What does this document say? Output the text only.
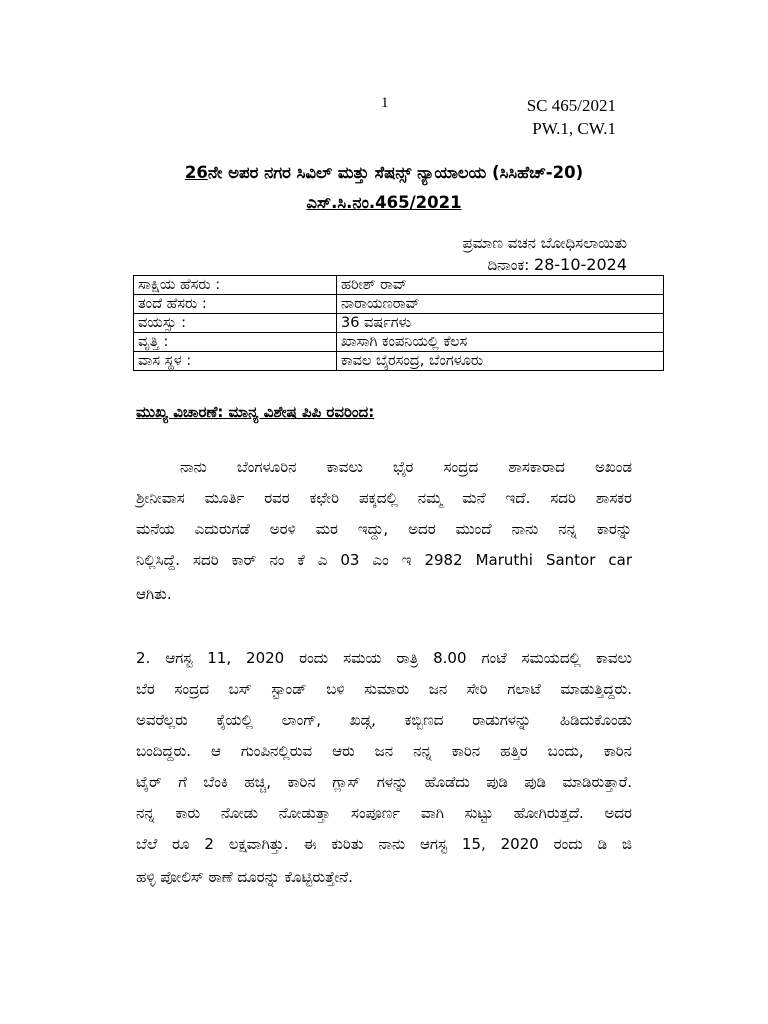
1	SC 465/2021
PW.1, CW.1
26ನೇ ಅಪರ ನಗರ ಸಿವಿಲ್ ಮತ್ತು ಸೆಷನ್ಸ್ ನ್ಯಾಯಾಲಯ (ಸಿಸಿಹೆಚ್-20)
ಎಸ್.ಸಿ.ನಂ.465/2021
ಪ್ರಮಾಣ ವಚನ ಬೋಧಿಸಲಾಯಿತು
ದಿನಾಂಕ: 28-10-2024
ಸಾಕ್ಷಿಯ ಹೆಸರು :	ಹರೀಶ್ ರಾವ್
ತಂದೆ ಹೆಸರು :	ನಾರಾಯಣರಾವ್
ವಯಸ್ಸು :	36 ವರ್ಷಗಳು
ವೃತ್ತಿ :	ಖಾಸಾಗಿ ಕಂಪನಿಯಲ್ಲಿ ಕೆಲಸ
ವಾಸ ಸ್ಥಳ :	ಕಾವಲ ಬೈರಸಂದ್ರ, ಬೆಂಗಳೂರು
ಮುಖ್ಯ ವಿಚಾರಣೆ: ಮಾನ್ಯ ವಿಶೇಷ ಪಿಪಿ ರವರಿಂದ:
ನಾನು ಬೆಂಗಳೂರಿನ ಕಾವಲು ಭೈರ ಸಂದ್ರದ ಶಾಸಕಾರಾದ ಅಖಂಡ
ಶ್ರೀನೀವಾಸ ಮೂರ್ತಿ ರವರ ಕಛೇರಿ ಪಕ್ಕದಲ್ಲಿ ನಮ್ಮ ಮನೆ ಇದೆ. ಸದರಿ ಶಾಸಕರ
ಮನೆಯ ಎದುರುಗಡೆ ಅರಳಿ ಮರ ಇದ್ದು, ಅದರ ಮುಂದೆ ನಾನು ನನ್ನ ಕಾರನ್ನು
ನಿಲ್ಲಿಸಿದ್ದೆ. ಸದರಿ ಕಾರ್ ನಂ ಕೆ ಎ 03 ಎಂ ಇ 2982 Maruthi Santor car
ಆಗಿತು.
2. ಆಗಸ್ಟ 11, 2020 ರಂದು ಸಮಯ ರಾತ್ರಿ 8.00 ಗಂಟೆ ಸಮಯದಲ್ಲಿ ಕಾವಲು
ಬೆರ ಸಂದ್ರದ ಬಸ್ ಸ್ಟಾಂಡ್ ಬಳಿ ಸುಮಾರು ಜನ ಸೇರಿ ಗಲಾಟೆ ಮಾಡುತ್ತಿದ್ದರು.
ಅವರೆಲ್ಲರು ಕೈಯಲ್ಲಿ ಲಾಂಗ್, ಖಡ್ಗ, ಕಬ್ಬಿಣದ ರಾಡುಗಳನ್ನು ಹಿಡಿದುಕೊಂಡು
ಬಂದಿದ್ದರು. ಆ ಗುಂಪಿನಲ್ಲಿರುವ ಆರು ಜನ ನನ್ನ ಕಾರಿನ ಹತ್ತಿರ ಬಂದು, ಕಾರಿನ
ಟೈರ್ ಗೆ ಬೆಂಕಿ ಹಚ್ಚಿ, ಕಾರಿನ ಗ್ಲಾಸ್ ಗಳನ್ನು ಹೊಡೆದು ಪುಡಿ ಪುಡಿ ಮಾಡಿರುತ್ತಾರೆ.
ನನ್ನ ಕಾರು ನೋಡು ನೋಡುತ್ತಾ ಸಂಪೂರ್ಣ ವಾಗಿ ಸುಟ್ಟು ಹೋಗಿರುತ್ತದೆ. ಅದರ
ಬೆಲೆ ರೂ 2 ಲಕ್ಷವಾಗಿತ್ತು. ಈ ಕುರಿತು ನಾನು ಆಗಸ್ಟ 15, 2020 ರಂದು ಡಿ ಜಿ
ಹಳ್ಳಿ ಪೋಲಿಸ್ ಠಾಣೆ ದೂರನ್ನು ಕೊಟ್ಟಿರುತ್ತೇನೆ.
